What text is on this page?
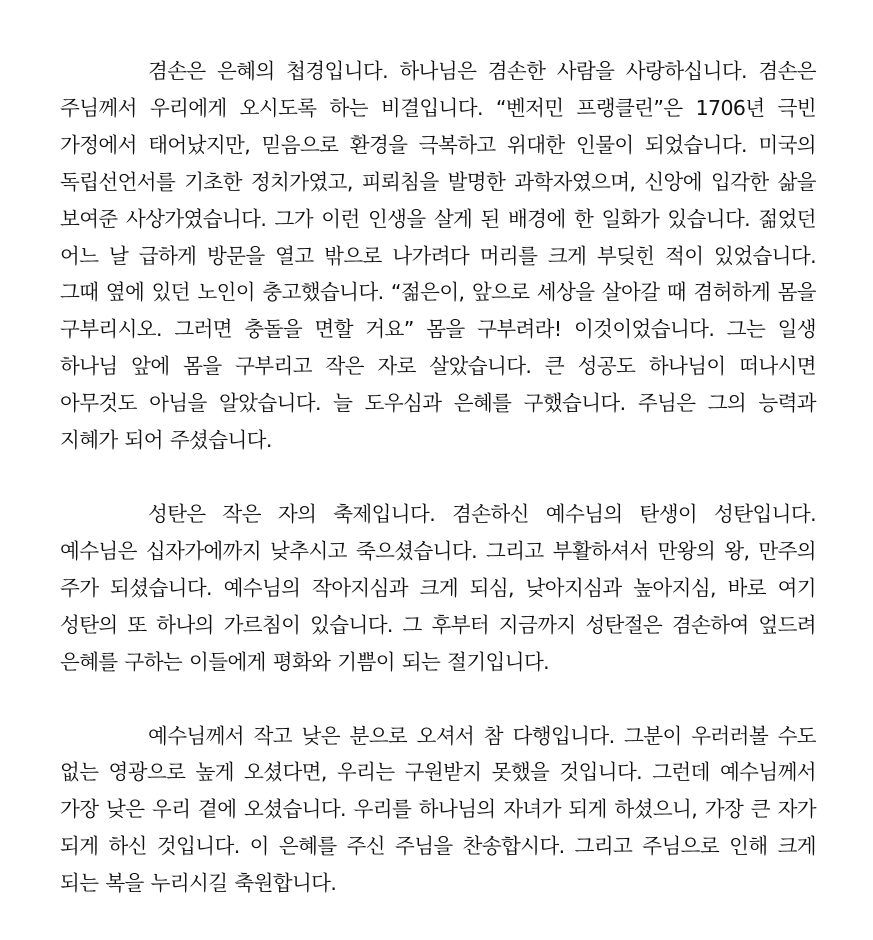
겸손은 은혜의 첩경입니다. 하나님은 겸손한 사람을 사랑하십니다. 겸손은 주님께서 우리에게 오시도록 하는 비결입니다. “벤저민 프랭클린”은 1706년 극빈 가정에서 태어났지만, 믿음으로 환경을 극복하고 위대한 인물이 되었습니다. 미국의 독립선언서를 기초한 정치가였고, 피뢰침을 발명한 과학자였으며, 신앙에 입각한 삶을 보여준 사상가였습니다. 그가 이런 인생을 살게 된 배경에 한 일화가 있습니다. 젊었던 어느 날 급하게 방문을 열고 밖으로 나가려다 머리를 크게 부딪힌 적이 있었습니다. 그때 옆에 있던 노인이 충고했습니다. “젊은이, 앞으로 세상을 살아갈 때 겸허하게 몸을 구부리시오. 그러면 충돌을 면할 거요” 몸을 구부려라! 이것이었습니다. 그는 일생 하나님 앞에 몸을 구부리고 작은 자로 살았습니다. 큰 성공도 하나님이 떠나시면 아무것도 아님을 알았습니다. 늘 도우심과 은혜를 구했습니다. 주님은 그의 능력과 지혜가 되어 주셨습니다.

성탄은 작은 자의 축제입니다. 겸손하신 예수님의 탄생이 성탄입니다. 예수님은 십자가에까지 낮추시고 죽으셨습니다. 그리고 부활하셔서 만왕의 왕, 만주의 주가 되셨습니다. 예수님의 작아지심과 크게 되심, 낮아지심과 높아지심, 바로 여기 성탄의 또 하나의 가르침이 있습니다. 그 후부터 지금까지 성탄절은 겸손하여 엎드려 은혜를 구하는 이들에게 평화와 기쁨이 되는 절기입니다.

예수님께서 작고 낮은 분으로 오셔서 참 다행입니다. 그분이 우러러볼 수도 없는 영광으로 높게 오셨다면, 우리는 구원받지 못했을 것입니다. 그런데 예수님께서 가장 낮은 우리 곁에 오셨습니다. 우리를 하나님의 자녀가 되게 하셨으니, 가장 큰 자가 되게 하신 것입니다. 이 은혜를 주신 주님을 찬송합시다. 그리고 주님으로 인해 크게 되는 복을 누리시길 축원합니다.
